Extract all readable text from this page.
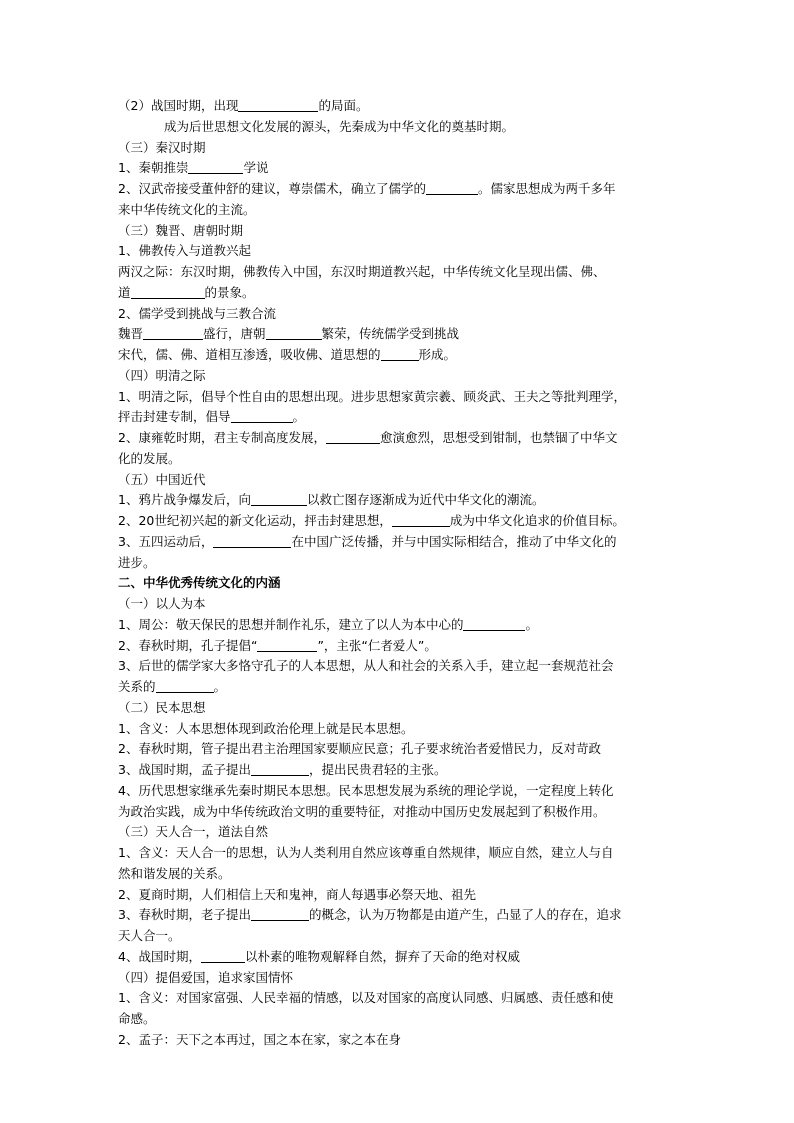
（2）战国时期，出现	的局面。
成为后世思想文化发展的源头，先秦成为中华文化的奠基时期。
（三）秦汉时期
1、秦朝推崇	学说
2、汉武帝接受董仲舒的建议，尊崇儒术，确立了儒学的	。儒家思想成为两千多年
来中华传统文化的主流。
（三）魏晋、唐朝时期
1、佛教传入与道教兴起
两汉之际：东汉时期，佛教传入中国，东汉时期道教兴起，中华传统文化呈现出儒、佛、
道	的景象。
2、儒学受到挑战与三教合流
魏晋	盛行，唐朝	繁荣，传统儒学受到挑战
宋代，儒、佛、道相互渗透，吸收佛、道思想的	形成。
（四）明清之际
1、明清之际，倡导个性自由的思想出现。进步思想家黄宗羲、顾炎武、王夫之等批判理学，
抨击封建专制，倡导	。
2、康雍乾时期，君主专制高度发展，	愈演愈烈，思想受到钳制，也禁锢了中华文
化的发展。
（五）中国近代
1、鸦片战争爆发后，向	以救亡图存逐渐成为近代中华文化的潮流。
2、20世纪初兴起的新文化运动，抨击封建思想，	成为中华文化追求的价值目标。
3、五四运动后，	在中国广泛传播，并与中国实际相结合，推动了中华文化的
进步。
二、中华优秀传统文化的内涵
（一）以人为本
1、周公：敬天保民的思想并制作礼乐，建立了以人为本中心的	。
2、春秋时期，孔子提倡“	”，主张“仁者爱人”。
3、后世的儒学家大多恪守孔子的人本思想，从人和社会的关系入手，建立起一套规范社会
关系的	。
（二）民本思想
1、含义：人本思想体现到政治伦理上就是民本思想。
2、春秋时期，管子提出君主治理国家要顺应民意；孔子要求统治者爱惜民力，反对苛政
3、战国时期，孟子提出	，提出民贵君轻的主张。
4、历代思想家继承先秦时期民本思想。民本思想发展为系统的理论学说，一定程度上转化
为政治实践，成为中华传统政治文明的重要特征，对推动中国历史发展起到了积极作用。
（三）天人合一，道法自然
1、含义：天人合一的思想，认为人类利用自然应该尊重自然规律，顺应自然，建立人与自
然和谐发展的关系。
2、夏商时期，人们相信上天和鬼神，商人每遇事必祭天地、祖先
3、春秋时期，老子提出	的概念，认为万物都是由道产生，凸显了人的存在，追求
天人合一。
4、战国时期，	以朴素的唯物观解释自然，摒弃了天命的绝对权威
（四）提倡爱国，追求家国情怀
1、含义：对国家富强、人民幸福的情感，以及对国家的高度认同感、归属感、责任感和使
命感。
2、孟子：天下之本再过，国之本在家，家之本在身
